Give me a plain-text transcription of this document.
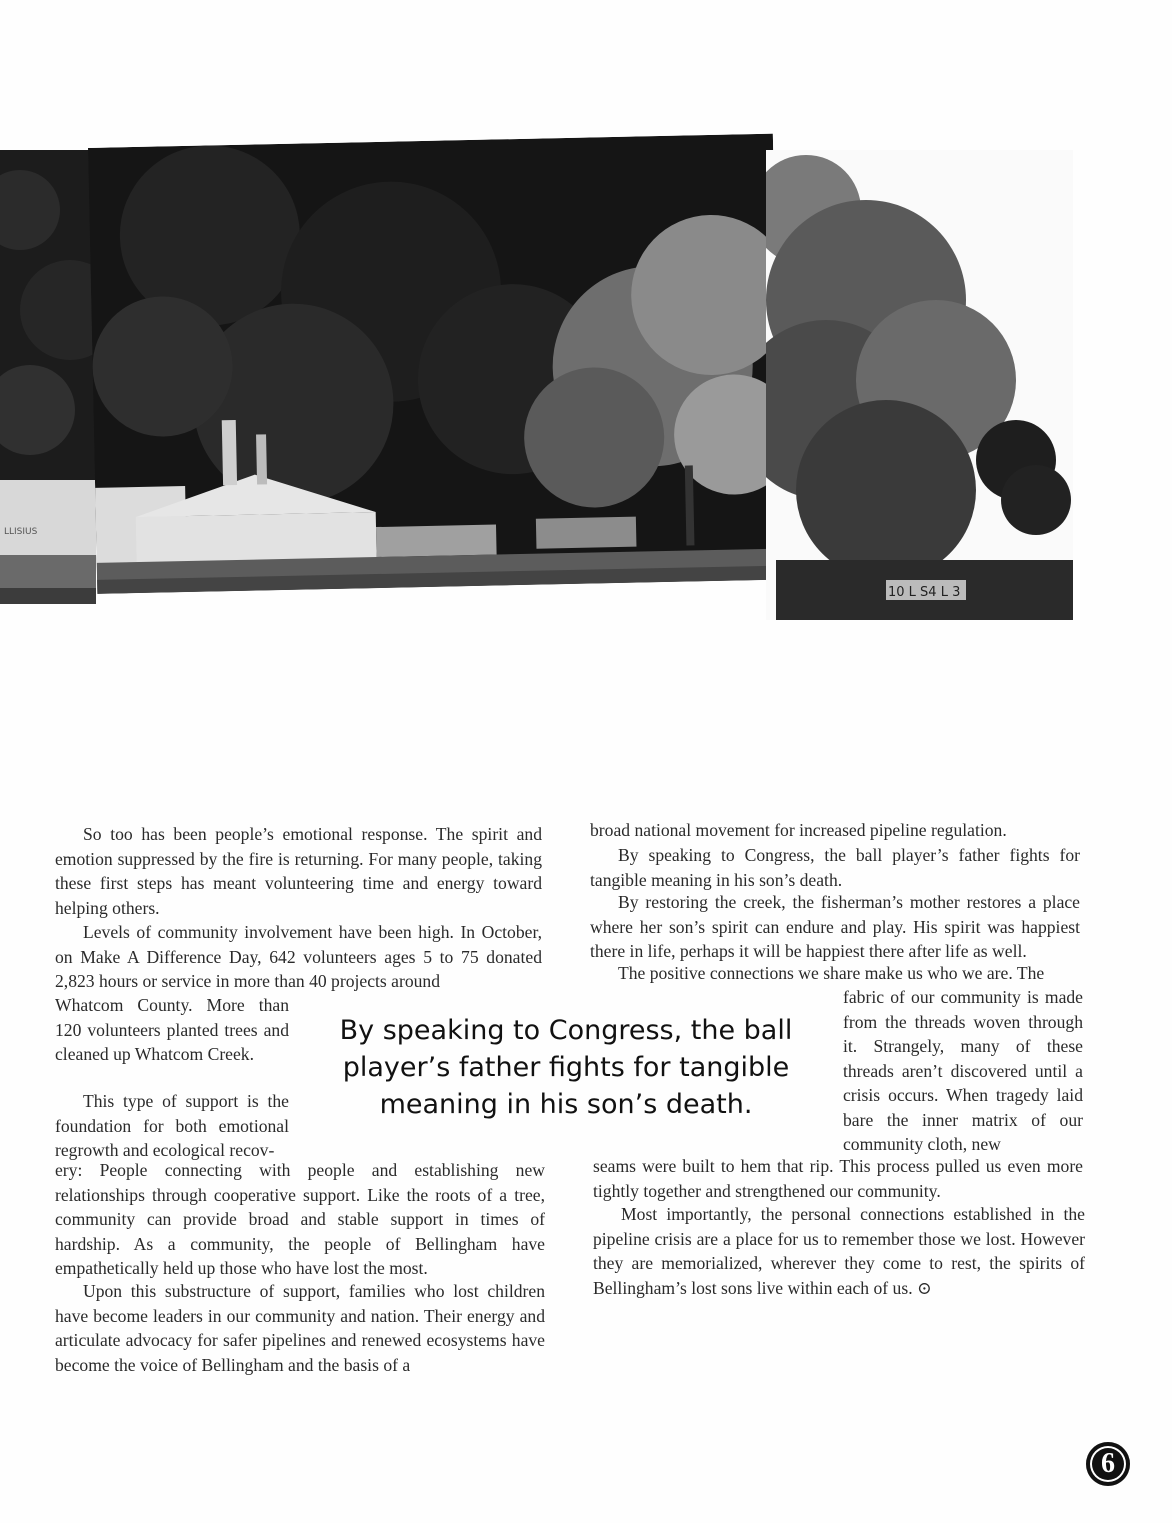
LLISIUS
10 L S4 L 3

So too has been people’s emotional response. The spirit and emotion suppressed by the fire is returning. For many people, taking these first steps has meant volunteering time and energy toward helping others.

Levels of community involvement have been high. In October, on Make A Difference Day, 642 volunteers ages 5 to 75 donated 2,823 hours or service in more than 40 projects around

Whatcom County. More than 120 volunteers planted trees and cleaned up Whatcom Creek.

This type of support is the foundation for both emotional regrowth and ecological recov-

ery: People connecting with people and establishing new relationships through cooperative support. Like the roots of a tree, community can provide broad and stable support in times of hardship. As a community, the people of Bellingham have empathetically held up those who have lost the most.

Upon this substructure of support, families who lost children have become leaders in our community and nation. Their energy and articulate advocacy for safer pipelines and renewed ecosystems have become the voice of Bellingham and the basis of a

broad national movement for increased pipeline regulation.

By speaking to Congress, the ball player’s father fights for tangible meaning in his son’s death.

By restoring the creek, the fisherman’s mother restores a place where her son’s spirit can endure and play. His spirit was happiest there in life, perhaps it will be happiest there after life as well.

The positive connections we share make us who we are. The

fabric of our community is made from the threads woven through it. Strangely, many of these threads aren’t discovered until a crisis occurs. When tragedy laid bare the inner matrix of our community cloth, new

seams were built to hem that rip. This process pulled us even more tightly together and strengthened our community.

Most importantly, the personal connections established in the pipeline crisis are a place for us to remember those we lost. However they are memorialized, wherever they come to rest, the spirits of Bellingham’s lost sons live within each of us. ⊙

By speaking to Congress, the ball player’s father fights for tangible meaning in his son’s death.

6
